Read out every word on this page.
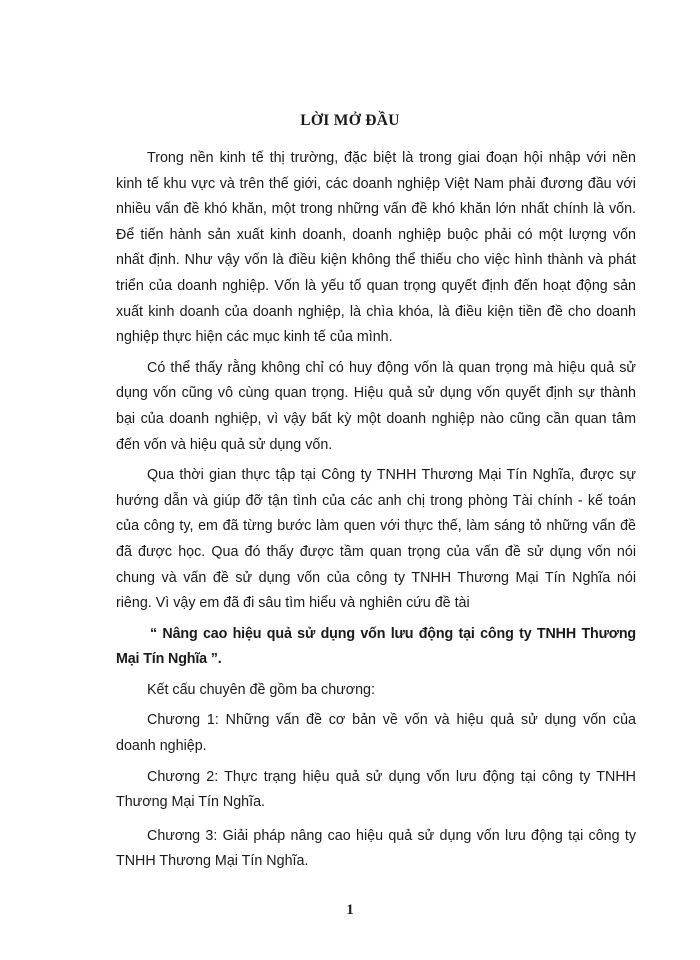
LỜI MỞ ĐẦU

Trong nền kinh tế thị trường, đặc biệt là trong giai đoạn hội nhập với nền kinh tế khu vực và trên thế giới, các doanh nghiệp Việt Nam phải đương đầu với nhiều vấn đề khó khăn, một trong những vấn đề khó khăn lớn nhất chính là vốn. Để tiến hành sản xuất kinh doanh, doanh nghiệp buộc phải có một lượng vốn nhất định. Như vậy vốn là điều kiện không thể thiếu cho việc hình thành và phát triển của doanh nghiệp. Vốn là yếu tố quan trọng quyết định đến hoạt động sản xuất kinh doanh của doanh nghiệp, là chìa khóa, là điều kiện tiền đề cho doanh nghiệp thực hiện các mục kinh tế của mình.

Có thể thấy rằng không chỉ có huy động vốn là quan trọng mà hiệu quả sử dụng vốn cũng vô cùng quan trọng. Hiệu quả sử dụng vốn quyết định sự thành bại của doanh nghiệp, vì vậy bất kỳ một doanh nghiệp nào cũng cần quan tâm đến vốn và hiệu quả sử dụng vốn.

Qua thời gian thực tập tại Công ty TNHH Thương Mại Tín Nghĩa, được sự hướng dẫn và giúp đỡ tận tình của các anh chị trong phòng Tài chính - kế toán của công ty, em đã từng bước làm quen với thực thế, làm sáng tỏ những vấn đề đã được học. Qua đó thấy được tầm quan trọng của vấn đề sử dụng vốn nói chung và vấn đề sử dụng vốn của công ty TNHH Thương Mại Tín Nghĩa nói riêng. Vì vậy em đã đi sâu tìm hiểu và nghiên cứu đề tài

“ Nâng cao hiệu quả sử dụng vốn lưu động tại công ty TNHH Thương Mại Tín Nghĩa ”.

Kết cấu chuyên đề gồm ba chương:

Chương 1: Những vấn đề cơ bản về vốn và hiệu quả sử dụng vốn của doanh nghiệp.

Chương 2: Thực trạng hiệu quả sử dụng vốn lưu động tại công ty TNHH Thương Mại Tín Nghĩa.

Chương 3: Giải pháp nâng cao hiệu quả sử dụng vốn lưu động tại công ty TNHH Thương Mại Tín Nghĩa.

1
